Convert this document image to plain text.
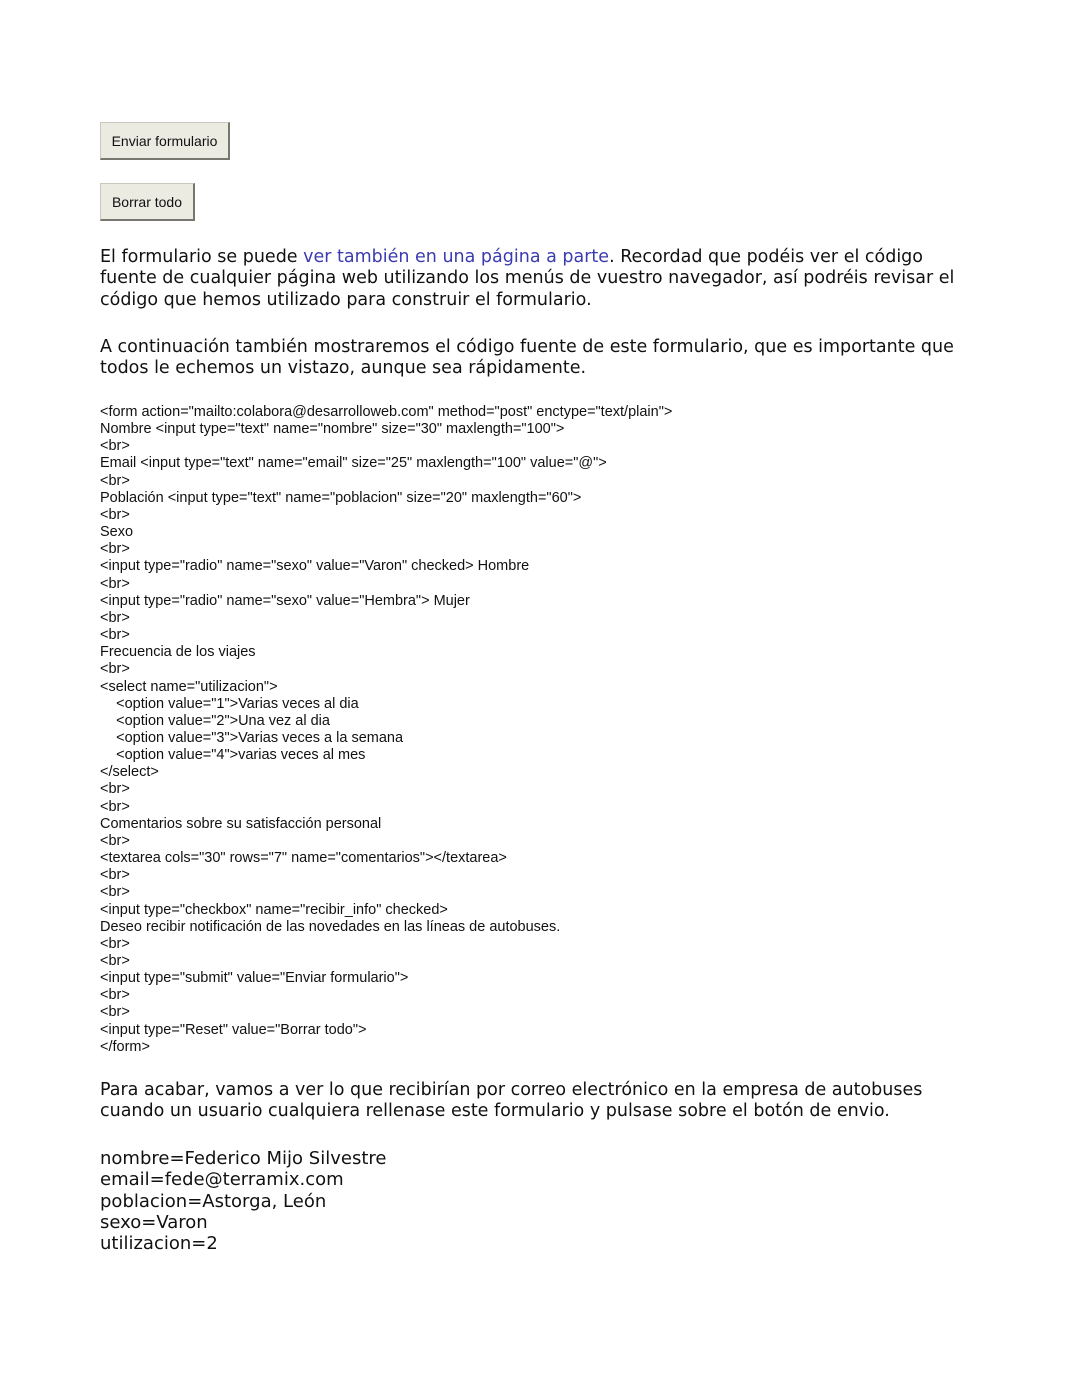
Enviar formulario
Borrar todo
El formulario se puede ver también en una página a parte. Recordad que podéis ver el código fuente de cualquier página web utilizando los menús de vuestro navegador, así podréis revisar el código que hemos utilizado para construir el formulario.
A continuación también mostraremos el código fuente de este formulario, que es importante que todos le echemos un vistazo, aunque sea rápidamente.
<form action="mailto:colabora@desarrolloweb.com" method="post" enctype="text/plain">
Nombre <input type="text" name="nombre" size="30" maxlength="100">
<br>
Email <input type="text" name="email" size="25" maxlength="100" value="@">
<br>
Población <input type="text" name="poblacion" size="20" maxlength="60">
<br>
Sexo
<br>
<input type="radio" name="sexo" value="Varon" checked> Hombre
<br>
<input type="radio" name="sexo" value="Hembra"> Mujer
<br>
<br>
Frecuencia de los viajes
<br>
<select name="utilizacion">
<option value="1">Varias veces al dia
<option value="2">Una vez al dia
<option value="3">Varias veces a la semana
<option value="4">varias veces al mes
</select>
<br>
<br>
Comentarios sobre su satisfacción personal
<br>
<textarea cols="30" rows="7" name="comentarios"></textarea>
<br>
<br>
<input type="checkbox" name="recibir_info" checked>
Deseo recibir notificación de las novedades en las líneas de autobuses.
<br>
<br>
<input type="submit" value="Enviar formulario">
<br>
<br>
<input type="Reset" value="Borrar todo">
</form>
Para acabar, vamos a ver lo que recibirían por correo electrónico en la empresa de autobuses cuando un usuario cualquiera rellenase este formulario y pulsase sobre el botón de envio.
nombre=Federico Mijo Silvestre
email=fede@terramix.com
poblacion=Astorga, León
sexo=Varon
utilizacion=2
